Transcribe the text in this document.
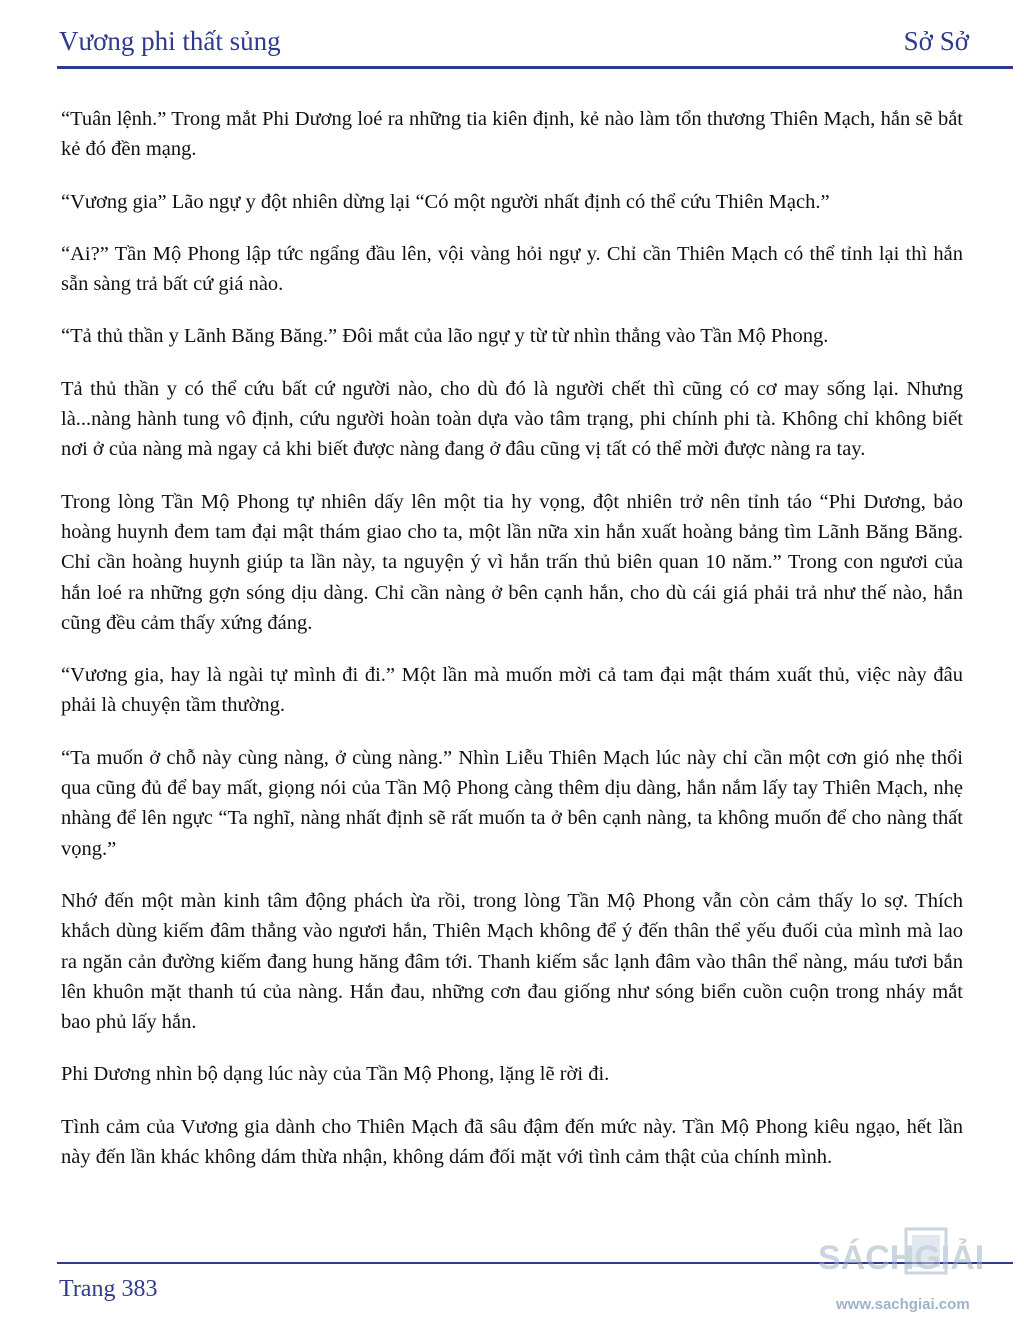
Vương phi thất sủng	Sở Sở

“Tuân lệnh.” Trong mắt Phi Dương loé ra những tia kiên định, kẻ nào làm tổn thương Thiên Mạch, hắn sẽ bắt kẻ đó đền mạng.

“Vương gia” Lão ngự y đột nhiên dừng lại “Có một người nhất định có thể cứu Thiên Mạch.”

“Ai?” Tần Mộ Phong lập tức ngẩng đầu lên, vội vàng hỏi ngự y. Chỉ cần Thiên Mạch có thể tỉnh lại thì hắn sẵn sàng trả bất cứ giá nào.

“Tả thủ thần y Lãnh Băng Băng.” Đôi mắt của lão ngự y từ từ nhìn thẳng vào Tần Mộ Phong.

Tả thủ thần y có thể cứu bất cứ người nào, cho dù đó là người chết thì cũng có cơ may sống lại. Nhưng là...nàng hành tung vô định, cứu người hoàn toàn dựa vào tâm trạng, phi chính phi tà. Không chỉ không biết nơi ở của nàng mà ngay cả khi biết được nàng đang ở đâu cũng vị tất có thể mời được nàng ra tay.

Trong lòng Tần Mộ Phong tự nhiên dấy lên một tia hy vọng, đột nhiên trở nên tỉnh táo “Phi Dương, bảo hoàng huynh đem tam đại mật thám giao cho ta, một lần nữa xin hắn xuất hoàng bảng tìm Lãnh Băng Băng. Chỉ cần hoàng huynh giúp ta lần này, ta nguyện ý vì hắn trấn thủ biên quan 10 năm.” Trong con ngươi của hắn loé ra những gợn sóng dịu dàng. Chỉ cần nàng ở bên cạnh hắn, cho dù cái giá phải trả như thế nào, hắn cũng đều cảm thấy xứng đáng.

“Vương gia, hay là ngài tự mình đi đi.” Một lần mà muốn mời cả tam đại mật thám xuất thủ, việc này đâu phải là chuyện tầm thường.

“Ta muốn ở chỗ này cùng nàng, ở cùng nàng.” Nhìn Liễu Thiên Mạch lúc này chỉ cần một cơn gió nhẹ thổi qua cũng đủ để bay mất, giọng nói của Tần Mộ Phong càng thêm dịu dàng, hắn nắm lấy tay Thiên Mạch, nhẹ nhàng để lên ngực “Ta nghĩ, nàng nhất định sẽ rất muốn ta ở bên cạnh nàng, ta không muốn để cho nàng thất vọng.”

Nhớ đến một màn kinh tâm động phách ừa rồi, trong lòng Tần Mộ Phong vẫn còn cảm thấy lo sợ. Thích khắch dùng kiếm đâm thẳng vào ngươi hắn, Thiên Mạch không để ý đến thân thể yếu đuối của mình mà lao ra ngăn cản đường kiếm đang hung hăng đâm tới. Thanh kiếm sắc lạnh đâm vào thân thể nàng, máu tươi bắn lên khuôn mặt thanh tú của nàng. Hắn đau, những cơn đau giống như sóng biển cuồn cuộn trong nháy mắt bao phủ lấy hắn.

Phi Dương nhìn bộ dạng lúc này của Tần Mộ Phong, lặng lẽ rời đi.

Tình cảm của Vương gia dành cho Thiên Mạch đã sâu đậm đến mức này. Tần Mộ Phong kiêu ngạo, hết lần này đến lần khác không dám thừa nhận, không dám đối mặt với tình cảm thật của chính mình.

Trang 383
SÁCHGIẢI
www.sachgiai.com
